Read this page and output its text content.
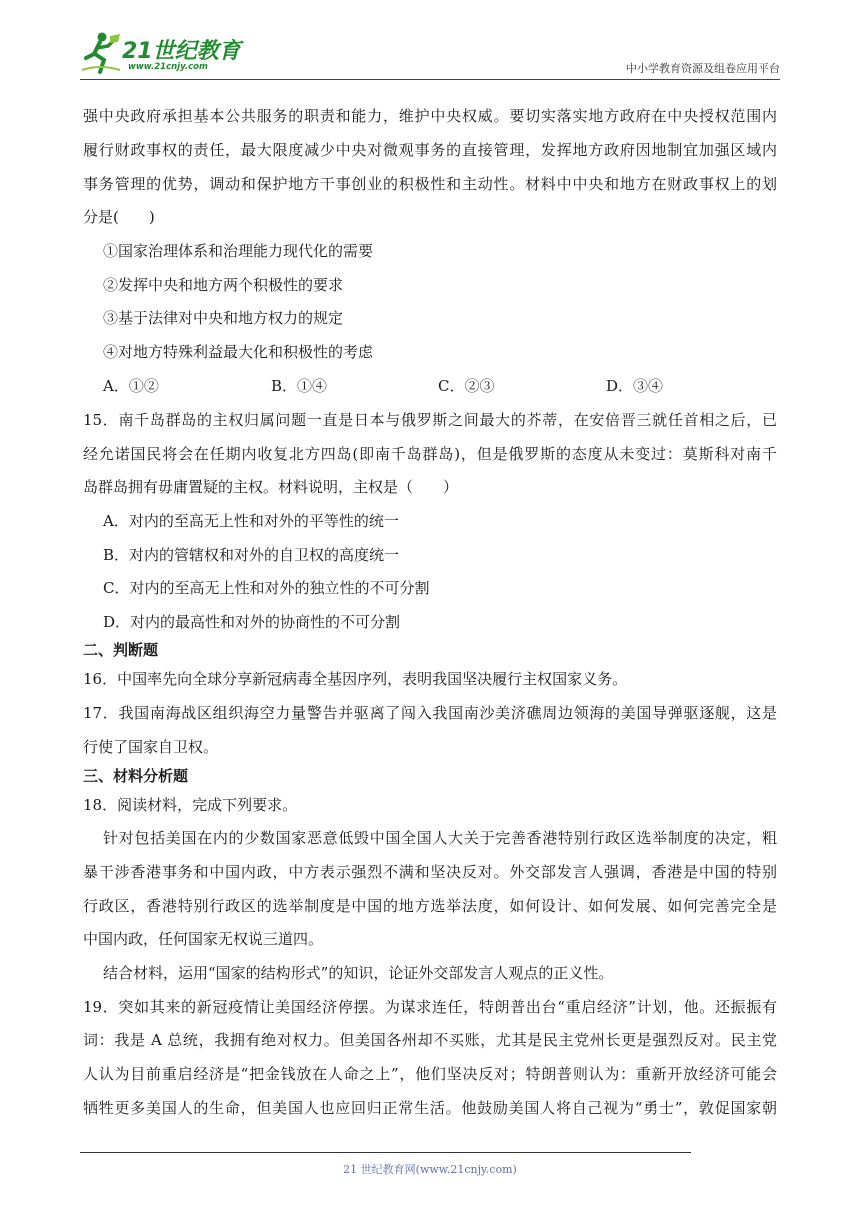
21世纪教育
www.21cnjy.com	中小学教育资源及组卷应用平台
强中央政府承担基本公共服务的职责和能力，维护中央权威。要切实落实地方政府在中央授权范围内
履行财政事权的责任，最大限度减少中央对微观事务的直接管理，发挥地方政府因地制宜加强区域内
事务管理的优势，调动和保护地方干事创业的积极性和主动性。材料中中央和地方在财政事权上的划
分是(　　)
①国家治理体系和治理能力现代化的需要
②发挥中央和地方两个积极性的要求
③基于法律对中央和地方权力的规定
④对地方特殊利益最大化和积极性的考虑
A．①②	B．①④	C．②③	D．③④
15．南千岛群岛的主权归属问题一直是日本与俄罗斯之间最大的芥蒂，在安倍晋三就任首相之后，已
经允诺国民将会在任期内收复北方四岛(即南千岛群岛)，但是俄罗斯的态度从未变过：莫斯科对南千
岛群岛拥有毋庸置疑的主权。材料说明，主权是（　　）
A．对内的至高无上性和对外的平等性的统一
B．对内的管辖权和对外的自卫权的高度统一
C．对内的至高无上性和对外的独立性的不可分割
D．对内的最高性和对外的协商性的不可分割
二、判断题
16．中国率先向全球分享新冠病毒全基因序列，表明我国坚决履行主权国家义务。
17．我国南海战区组织海空力量警告并驱离了闯入我国南沙美济礁周边领海的美国导弹驱逐舰，这是
行使了国家自卫权。
三、材料分析题
18．阅读材料，完成下列要求。
针对包括美国在内的少数国家恶意低毁中国全国人大关于完善香港特别行政区选举制度的决定，粗
暴干涉香港事务和中国内政，中方表示强烈不满和坚决反对。外交部发言人强调，香港是中国的特别
行政区，香港特别行政区的选举制度是中国的地方选举法度，如何设计、如何发展、如何完善完全是
中国内政，任何国家无权说三道四。
结合材料，运用“国家的结构形式”的知识，论证外交部发言人观点的正义性。
19．突如其来的新冠疫情让美国经济停摆。为谋求连任，特朗普出台“重启经济”计划，他。还振振有
词：我是 A 总统，我拥有绝对权力。但美国各州却不买账，尤其是民主党州长更是强烈反对。民主党
人认为目前重启经济是“把金钱放在人命之上”，他们坚决反对；特朗普则认为：重新开放经济可能会
牺牲更多美国人的生命，但美国人也应回归正常生活。他鼓励美国人将自己视为“勇士”，敦促国家朝
21 世纪教育网(www.21cnjy.com)
